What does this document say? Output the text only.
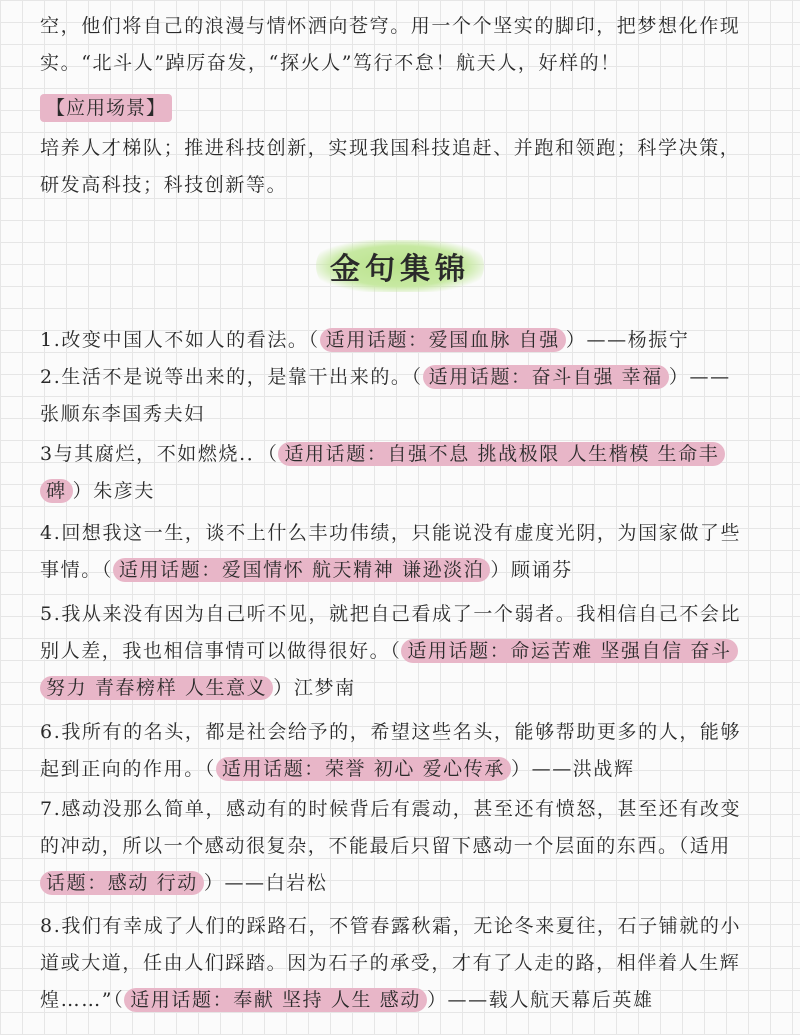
空，他们将自己的浪漫与情怀洒向苍穹。用一个个坚实的脚印，把梦想化作现
实。“北斗人”踔厉奋发，“探火人”笃行不怠！航天人，好样的！
【应用场景】
培养人才梯队；推进科技创新，实现我国科技追赶、并跑和领跑；科学决策，
研发高科技；科技创新等。
金句集锦
1.改变中国人不如人的看法。（ 适用话题：爱国血脉 自强 ）——杨振宁
2.生活不是说等出来的，是靠干出来的。（ 适用话题：奋斗自强 幸福 ）——
张顺东李国秀夫妇
3与其腐烂，不如燃烧.．（ 适用话题：自强不息 挑战极限 人生楷模 生命丰
碑 ）朱彦夫
4.回想我这一生，谈不上什么丰功伟绩，只能说没有虚度光阴，为国家做了些
事情。（ 适用话题：爱国情怀 航天精神 谦逊淡泊 ）顾诵芬
5.我从来没有因为自己听不见，就把自己看成了一个弱者。我相信自己不会比
别人差，我也相信事情可以做得很好。（ 适用话题：命运苦难 坚强自信 奋斗
努力 青春榜样 人生意义 ）江梦南
6.我所有的名头，都是社会给予的，希望这些名头，能够帮助更多的人，能够
起到正向的作用。（ 适用话题：荣誉 初心 爱心传承 ）——洪战辉
7.感动没那么简单，感动有的时候背后有震动，甚至还有愤怒，甚至还有改变
的冲动，所以一个感动很复杂，不能最后只留下感动一个层面的东西。（适用
话题：感动 行动 ）——白岩松
8.我们有幸成了人们的踩路石，不管春露秋霜，无论冬来夏往，石子铺就的小
道或大道，任由人们踩踏。因为石子的承受，才有了人走的路，相伴着人生辉
煌……”（ 适用话题：奉献 坚持 人生 感动 ）——载人航天幕后英雄
